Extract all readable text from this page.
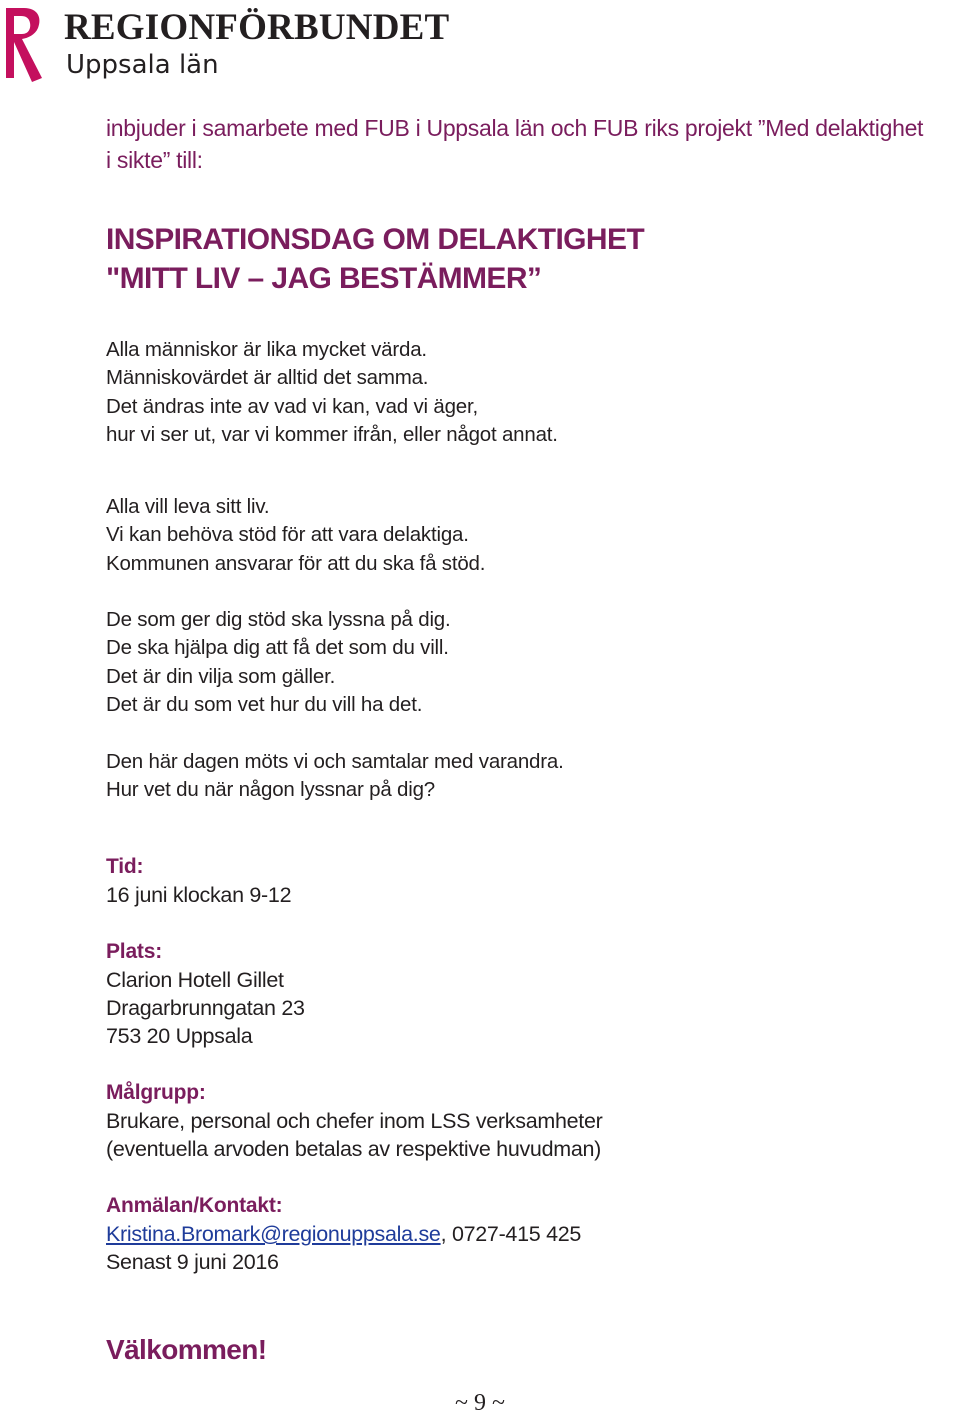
REGIONFÖRBUNDET
Uppsala län

inbjuder i samarbete med FUB i Uppsala län och FUB riks projekt ”Med delaktighet
i sikte” till:

INSPIRATIONSDAG OM DELAKTIGHET
"MITT LIV – JAG BESTÄMMER”

Alla människor är lika mycket värda.
Människovärdet är alltid det samma.
Det ändras inte av vad vi kan, vad vi äger,
hur vi ser ut, var vi kommer ifrån, eller något annat.

Alla vill leva sitt liv.
Vi kan behöva stöd för att vara delaktiga.
Kommunen ansvarar för att du ska få stöd.

De som ger dig stöd ska lyssna på dig.
De ska hjälpa dig att få det som du vill.
Det är din vilja som gäller.
Det är du som vet hur du vill ha det.

Den här dagen möts vi och samtalar med varandra.
Hur vet du när någon lyssnar på dig?

Tid:
16 juni klockan 9-12
Plats:
Clarion Hotell Gillet
Dragarbrunngatan 23
753 20 Uppsala
Målgrupp:
Brukare, personal och chefer inom LSS verksamheter
(eventuella arvoden betalas av respektive huvudman)
Anmälan/Kontakt:
Kristina.Bromark@regionuppsala.se, 0727-415 425
Senast 9 juni 2016
Välkommen!
~ 9 ~
